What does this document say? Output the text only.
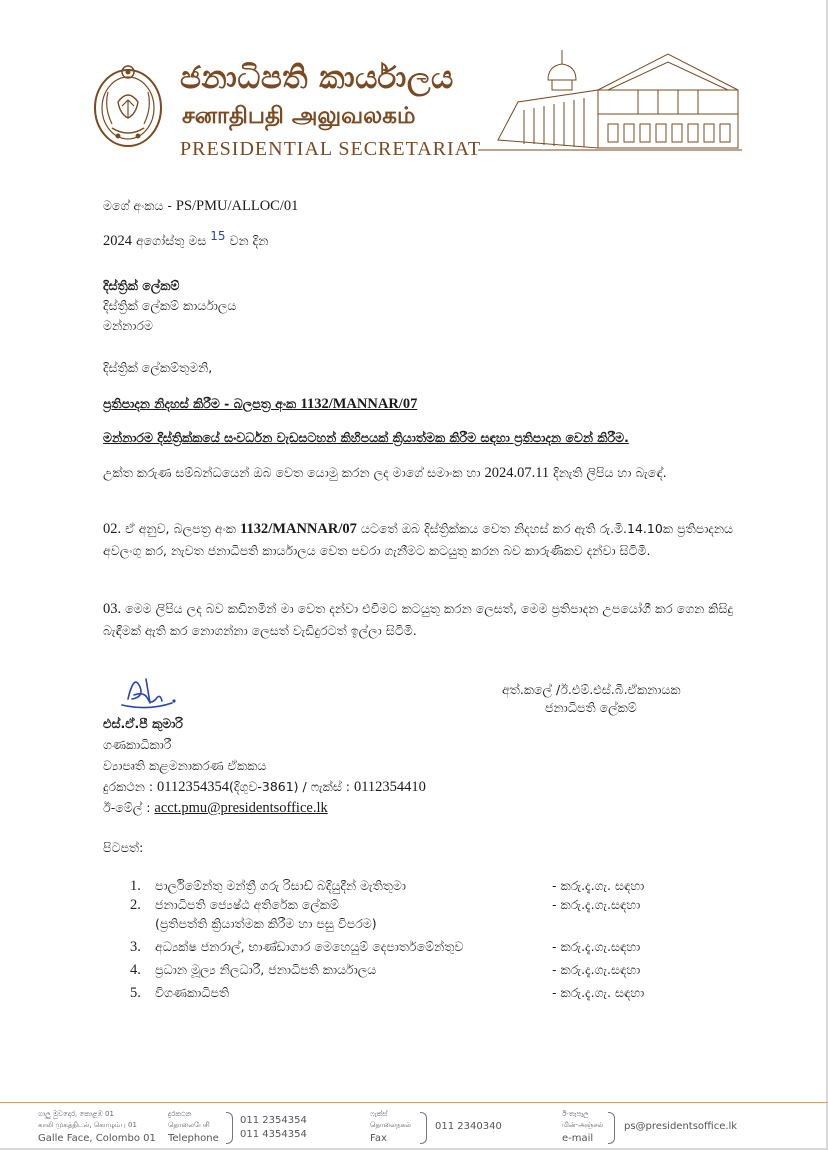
ජනාධිපති කාර්යාලය
சனாதிபதி அலுவலகம்
PRESIDENTIAL SECRETARIAT
මගේ අංකය - PS/PMU/ALLOC/01
2024 අගෝස්තු මස $^{15}$ වන දින
දිස්ත්‍රික් ලේකම්
දිස්ත්‍රික් ලේකම් කාර්යාලය
මන්නාරම
දිස්ත්‍රික් ලේකම්තුමනි,
ප්‍රතිපාදන නිදහස් කිරීම - බලපත්‍ර අංක 1132/MANNAR/07
මන්නාරම දිස්ත්‍රික්කයේ සංවර්ධන වැඩසටහන් කිහිපයක් ක්‍රියාත්මක කිරීම සඳහා ප්‍රතිපාදන වෙන් කිරීම.
උක්ත කරුණ සම්බන්ධයෙන් ඔබ වෙත යොමු කරන ලද මාගේ සමාංක හා 2024.07.11 දිනැති ලිපිය හා බැඳේ.
02. ඒ අනුව, බලපත්‍ර අංක 1132/MANNAR/07 යටතේ ඔබ දිස්ත්‍රික්කය වෙත නිදහස් කර ඇති රු.මි.14.10ක ප්‍රතිපාදනය අවලංගු කර, නැවත ජනාධිපති කාර්යාලය වෙත පවරා ගැනීමට කටයුතු කරන බව කාරුණිකව දන්වා සිටිමි.
03. මෙම ලිපිය ලද බව කඩිනමින් මා වෙත දන්වා එවීමට කටයුතු කරන ලෙසත්, මෙම ප්‍රතිපාදන උපයෝගී කර ගෙන කිසිදු බැඳීමක් ඇති කර නොගන්නා ලෙසත් වැඩිදුරටත් ඉල්ලා සිටිමි.
අත්.කලේ /ඊ.එම්.එස්.බී.ඒකනායක
ජනාධිපති ලේකම්
එස්.ඒ.පී කුමාරි
ගණකාධිකාරී
ව්‍යාපෘති කළමනාකරණ ඒකකය
දුරකථන : 0112354354(දිගුව-3861) / ෆැක්ස් : 0112354410
ඊ-මේල් : acct.pmu@presidentsoffice.lk
පිටපත්:
1.	පාර්ලිමේන්තු මන්ත්‍රී ගරු රිසාඩ් බදියුදීන් මැතිතුමා	- කරු.දැ.ගැ. සඳහා
2.	ජනාධිපති ජ්‍යෙෂ්ඨ අතිරේක ලේකම්	- කරු.දැ.ගැ.සඳහා
(ප්‍රතිපත්ති ක්‍රියාත්මක කිරීම හා පසු විපරම)
3.	අධ්‍යක්ෂ ජනරාල්, භාණ්ඩාගාර මෙහෙයුම් දෙපාර්තමේන්තුව	- කරු.දැ.ගැ.සඳහා
4.	ප්‍රධාන මූල්‍ය නිලධාරී, ජනාධිපති කාර්යාලය	- කරු.දැ.ගැ.සඳහා
5.	විගණකාධිපති	- කරු.දැ.ගැ. සඳහා
ගාලු මුවදොර, කොළඹ 01
காலி முகத்திடல், கொழும்பு 01
Galle Face, Colombo 01
දුරකථන
தொலைபேசி
Telephone
011 2354354
011 4354354
ෆැක්ස්
தொலைநகல்
Fax
011 2340340
ඊ-තැපෑල
மின்-அஞ்சல்
e-mail
ps@presidentsoffice.lk
